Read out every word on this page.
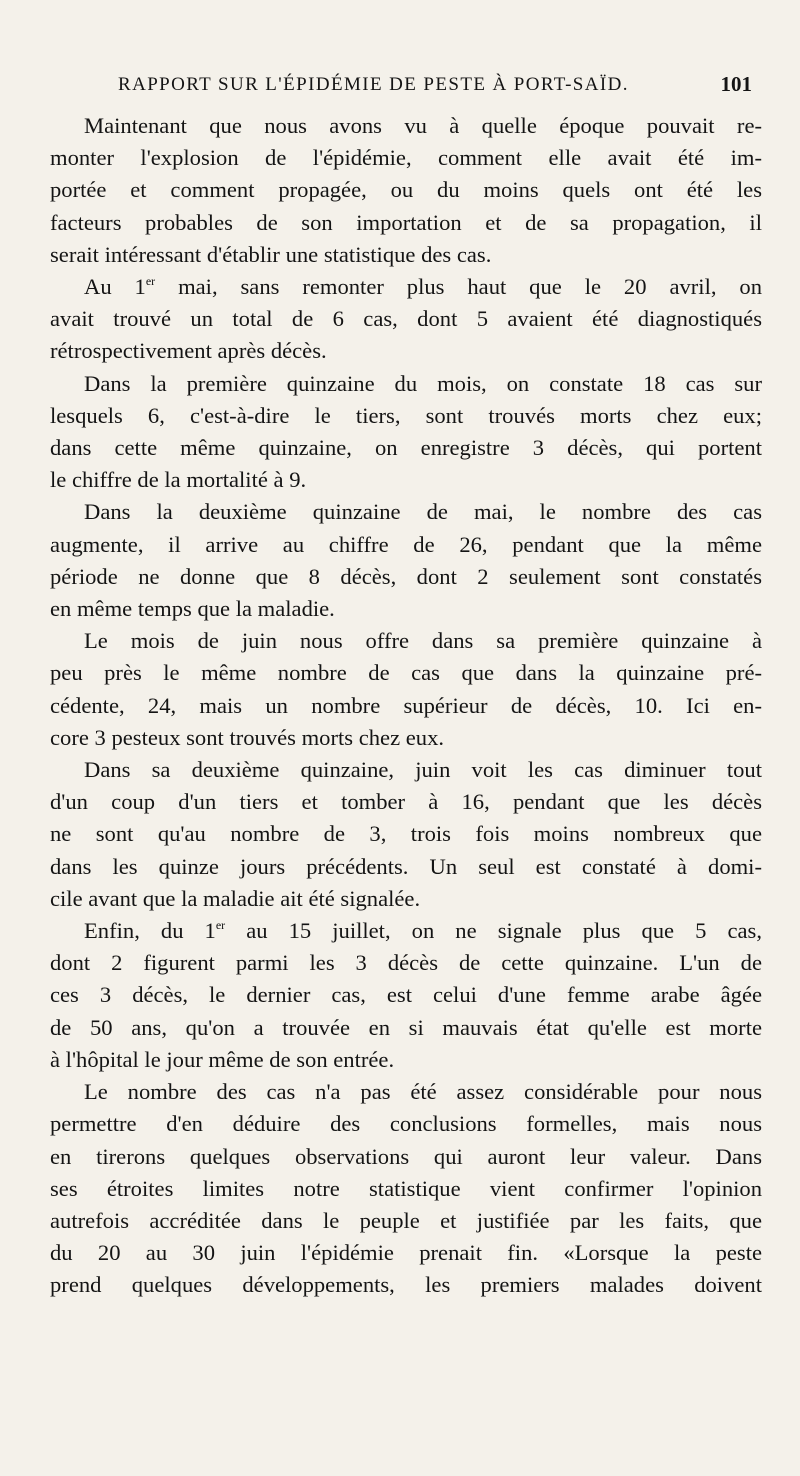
RAPPORT SUR L'ÉPIDÉMIE DE PESTE À PORT-SAÏD.	101
Maintenant que nous avons vu à quelle époque pouvait re-
monter l'explosion de l'épidémie, comment elle avait été im-
portée et comment propagée, ou du moins quels ont été les
facteurs probables de son importation et de sa propagation, il
serait intéressant d'établir une statistique des cas.
Au 1er mai, sans remonter plus haut que le 20 avril, on
avait trouvé un total de 6 cas, dont 5 avaient été diagnostiqués
rétrospectivement après décès.
Dans la première quinzaine du mois, on constate 18 cas sur
lesquels 6, c'est-à-dire le tiers, sont trouvés morts chez eux;
dans cette même quinzaine, on enregistre 3 décès, qui portent
le chiffre de la mortalité à 9.
Dans la deuxième quinzaine de mai, le nombre des cas
augmente, il arrive au chiffre de 26, pendant que la même
période ne donne que 8 décès, dont 2 seulement sont constatés
en même temps que la maladie.
Le mois de juin nous offre dans sa première quinzaine à
peu près le même nombre de cas que dans la quinzaine pré-
cédente, 24, mais un nombre supérieur de décès, 10. Ici en-
core 3 pesteux sont trouvés morts chez eux.
Dans sa deuxième quinzaine, juin voit les cas diminuer tout
d'un coup d'un tiers et tomber à 16, pendant que les décès
ne sont qu'au nombre de 3, trois fois moins nombreux que
dans les quinze jours précédents. Un seul est constaté à domi-
cile avant que la maladie ait été signalée.
Enfin, du 1er au 15 juillet, on ne signale plus que 5 cas,
dont 2 figurent parmi les 3 décès de cette quinzaine. L'un de
ces 3 décès, le dernier cas, est celui d'une femme arabe âgée
de 50 ans, qu'on a trouvée en si mauvais état qu'elle est morte
à l'hôpital le jour même de son entrée.
Le nombre des cas n'a pas été assez considérable pour nous
permettre d'en déduire des conclusions formelles, mais nous
en tirerons quelques observations qui auront leur valeur. Dans
ses étroites limites notre statistique vient confirmer l'opinion
autrefois accréditée dans le peuple et justifiée par les faits, que
du 20 au 30 juin l'épidémie prenait fin. «Lorsque la peste
prend quelques développements, les premiers malades doivent
